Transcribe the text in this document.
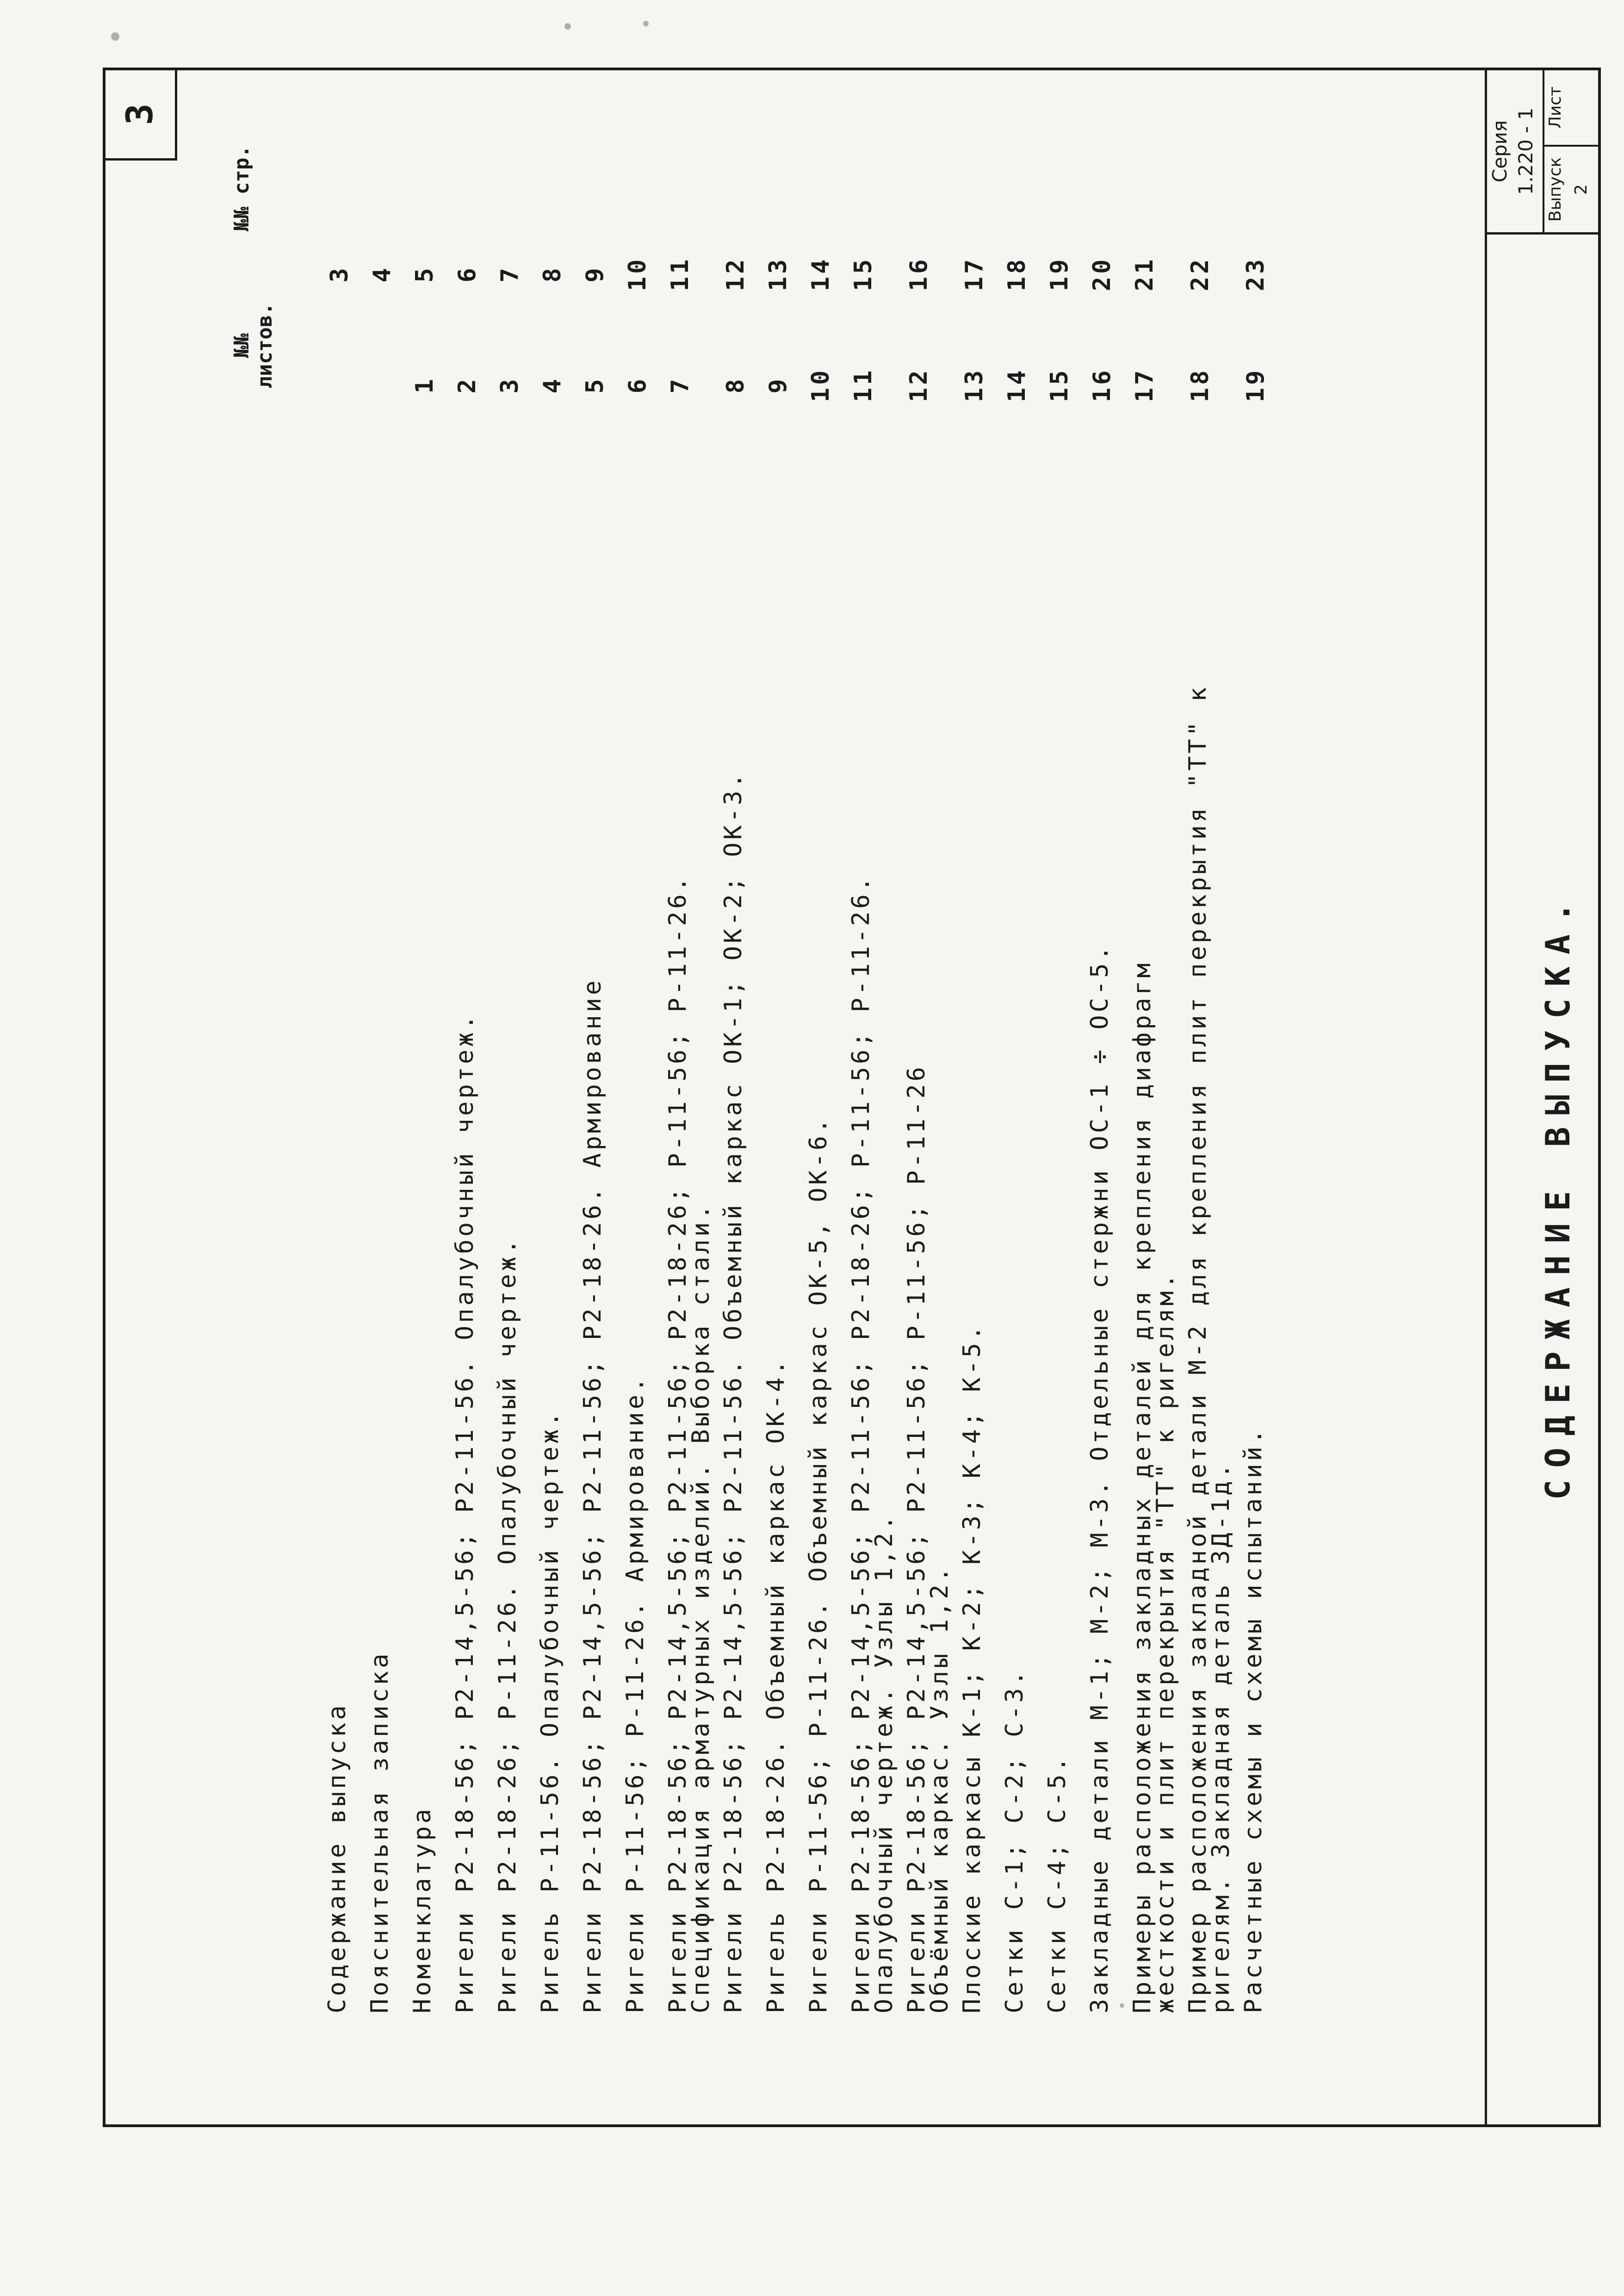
3
№№ листов.
№№ стр.
Содержание выпуска
3
Пояснительная записка
4
Номенклатура
1
5
Ригели Р2-18-56; Р2-14,5-56; Р2-11-56. Опалубочный чертеж.
2
6
Ригели Р2-18-26; Р-11-26. Опалубочный чертеж.
3
7
Ригель Р-11-56. Опалубочный чертеж.
4
8
Ригели Р2-18-56; Р2-14,5-56; Р2-11-56; Р2-18-26. Армирование
5
9
Ригели Р-11-56; Р-11-26. Армирование.
6
10
Ригели Р2-18-56; Р2-14,5-56; Р2-11-56; Р2-18-26; Р-11-56; Р-11-26.
Спецификация арматурных изделий. Выборка стали.
7
11
Ригели Р2-18-56; Р2-14,5-56; Р2-11-56. Объемный каркас ОК-1; ОК-2; ОК-3.
8
12
Ригель Р2-18-26. Объемный каркас ОК-4.
9
13
Ригели Р-11-56; Р-11-26. Объемный каркас ОК-5, ОК-6.
10
14
Ригели Р2-18-56; Р2-14,5-56; Р2-11-56; Р2-18-26; Р-11-56; Р-11-26.
Опалубочный чертеж. Узлы 1,2.
11
15
Ригели Р2-18-56; Р2-14,5-56; Р2-11-56; Р-11-56; Р-11-26
Объёмный каркас. Узлы 1,2.
12
16
Плоские каркасы К-1; К-2; К-3; К-4; К-5.
13
17
Сетки С-1; С-2; С-3.
14
18
Сетки С-4; С-5.
15
19
Закладные детали М-1; М-2; М-3. Отдельные стержни ОС-1 ÷ ОС-5.
16
20
Примеры расположения закладных деталей для крепления диафрагм
жесткости и плит перекрытия "ТТ" к ригелям.
17
21
Пример расположения закладной детали М-2 для крепления плит перекрытия "ТТ" к
ригелям. Закладная деталь ЗД-1д.
18
22
Расчетные схемы и схемы испытаний.
19
23
СОДЕРЖАНИЕ ВЫПУСКА.
Серия 1.220 - 1 Выпуск 2
Лист
